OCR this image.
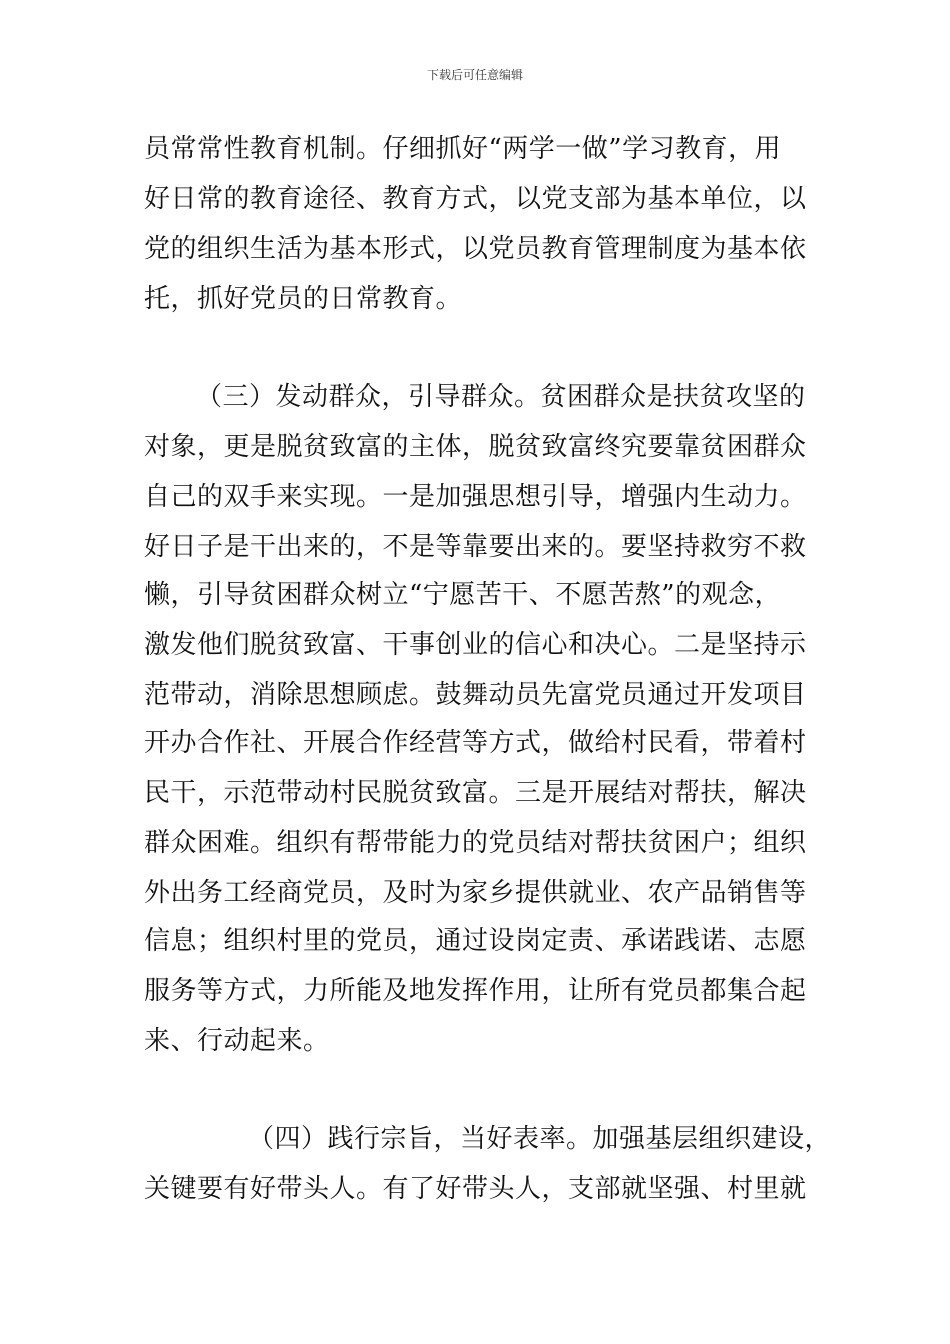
下载后可任意编辑
员常常性教育机制。仔细抓好“两学一做”学习教育，用
好日常的教育途径、教育方式，以党支部为基本单位，以
党的组织生活为基本形式，以党员教育管理制度为基本依
托，抓好党员的日常教育。
（三）发动群众，引导群众。贫困群众是扶贫攻坚的
对象，更是脱贫致富的主体，脱贫致富终究要靠贫困群众
自己的双手来实现。一是加强思想引导，增强内生动力。
好日子是干出来的，不是等靠要出来的。要坚持救穷不救
懒，引导贫困群众树立“宁愿苦干、不愿苦熬”的观念，
激发他们脱贫致富、干事创业的信心和决心。二是坚持示
范带动，消除思想顾虑。鼓舞动员先富党员通过开发项目
开办合作社、开展合作经营等方式，做给村民看，带着村
民干，示范带动村民脱贫致富。三是开展结对帮扶，解决
群众困难。组织有帮带能力的党员结对帮扶贫困户；组织
外出务工经商党员，及时为家乡提供就业、农产品销售等
信息；组织村里的党员，通过设岗定责、承诺践诺、志愿
服务等方式，力所能及地发挥作用，让所有党员都集合起
来、行动起来。
（四）践行宗旨，当好表率。加强基层组织建设，
关键要有好带头人。有了好带头人，支部就坚强、村里就
